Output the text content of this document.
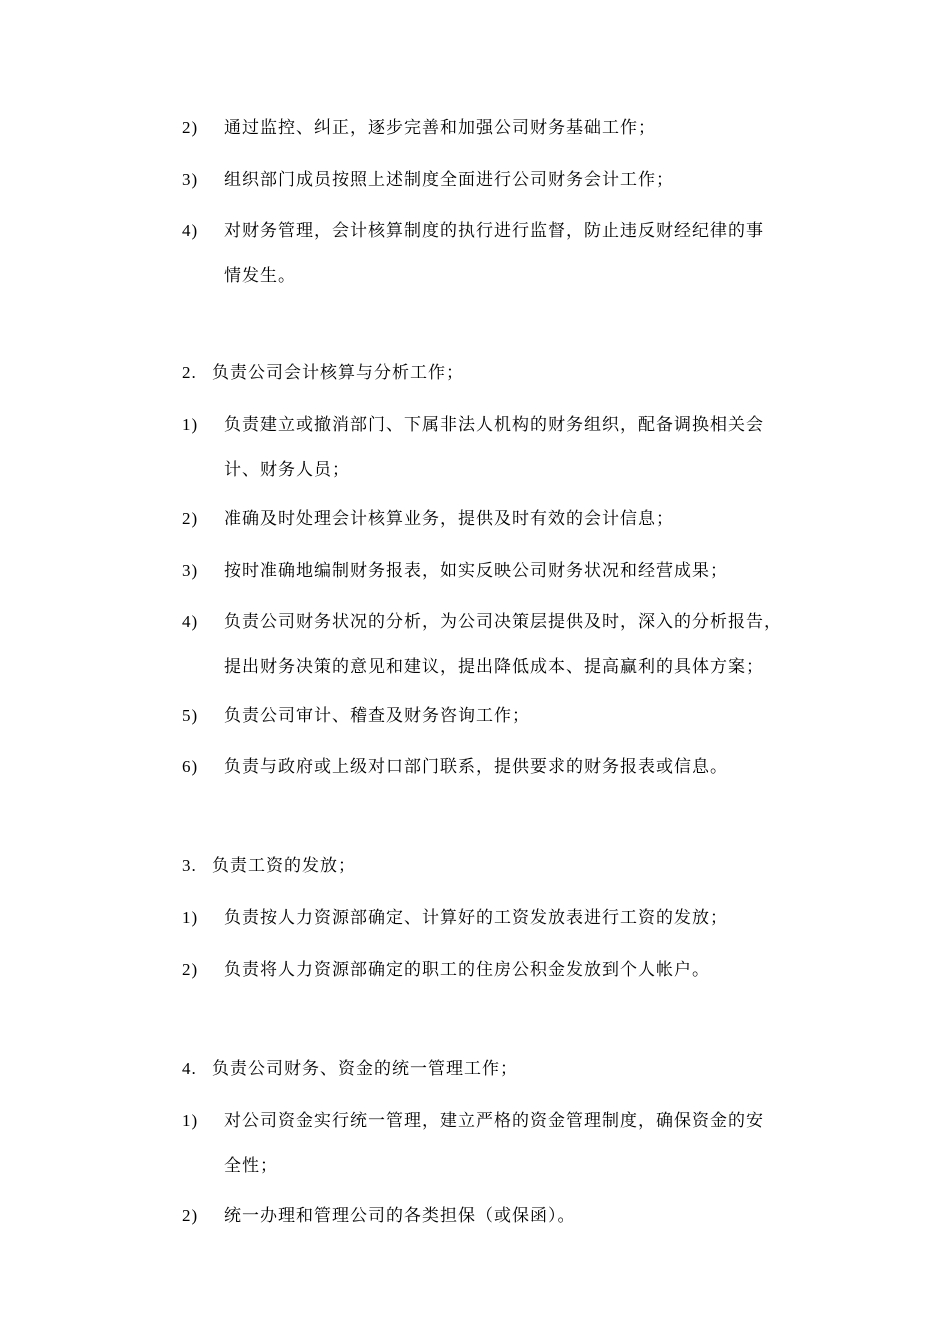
2) 通过监控、纠正，逐步完善和加强公司财务基础工作；
3) 组织部门成员按照上述制度全面进行公司财务会计工作；
4) 对财务管理，会计核算制度的执行进行监督，防止违反财经纪律的事
情发生。
2. 负责公司会计核算与分析工作；
1) 负责建立或撤消部门、下属非法人机构的财务组织，配备调换相关会
计、财务人员；
2) 准确及时处理会计核算业务，提供及时有效的会计信息；
3) 按时准确地编制财务报表，如实反映公司财务状况和经营成果；
4) 负责公司财务状况的分析，为公司决策层提供及时，深入的分析报告，
提出财务决策的意见和建议，提出降低成本、提高赢利的具体方案；
5) 负责公司审计、稽查及财务咨询工作；
6) 负责与政府或上级对口部门联系，提供要求的财务报表或信息。
3. 负责工资的发放；
1) 负责按人力资源部确定、计算好的工资发放表进行工资的发放；
2) 负责将人力资源部确定的职工的住房公积金发放到个人帐户。
4. 负责公司财务、资金的统一管理工作；
1) 对公司资金实行统一管理，建立严格的资金管理制度，确保资金的安
全性；
2) 统一办理和管理公司的各类担保（或保函）。
